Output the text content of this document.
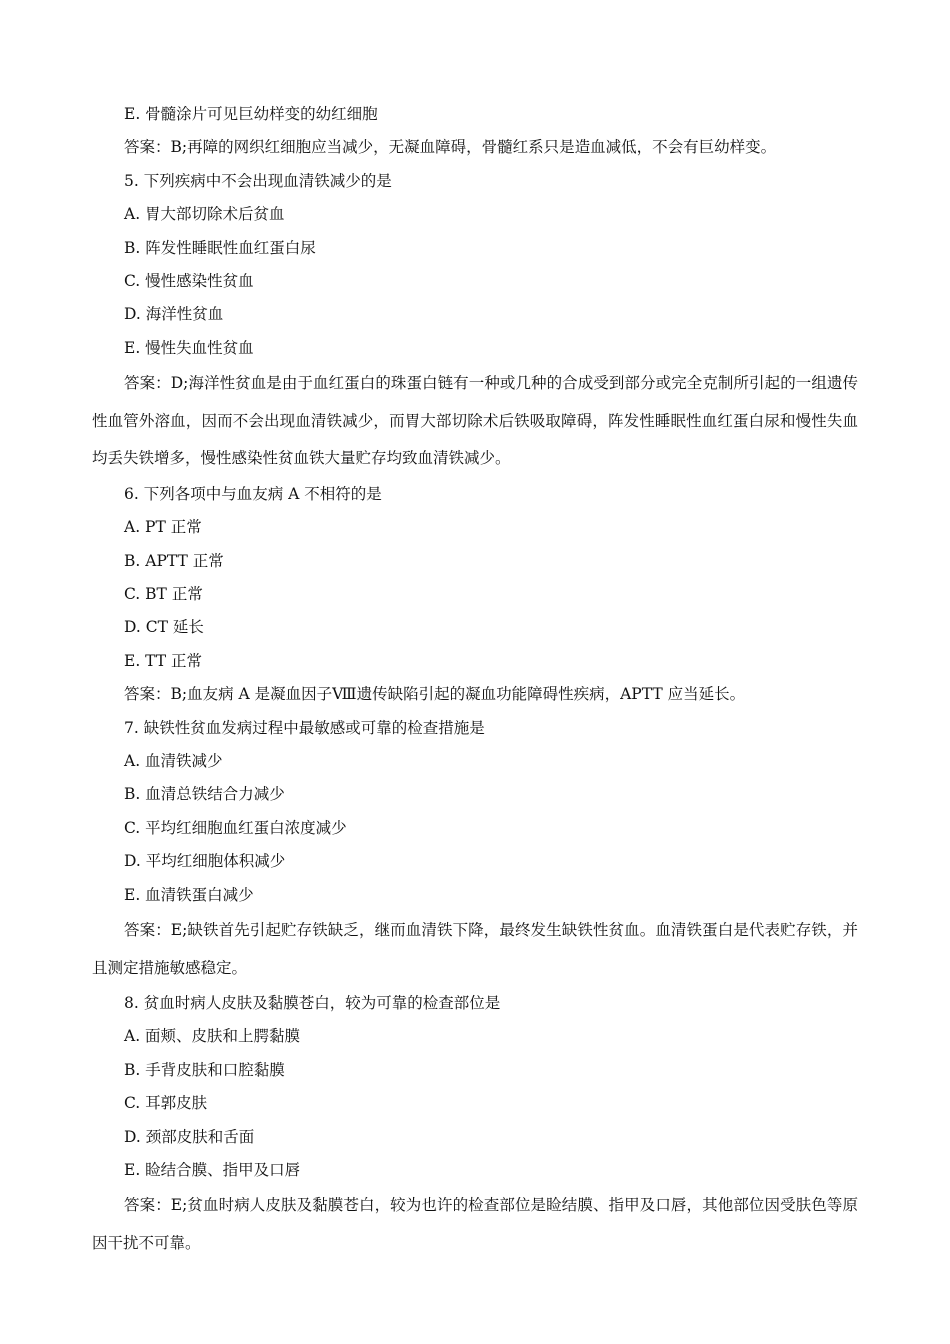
E. 骨髓涂片可见巨幼样变的幼红细胞

答案：B;再障的网织红细胞应当减少，无凝血障碍，骨髓红系只是造血减低，不会有巨幼样变。

5. 下列疾病中不会出现血清铁减少的是

A. 胃大部切除术后贫血

B. 阵发性睡眠性血红蛋白尿

C. 慢性感染性贫血

D. 海洋性贫血

E. 慢性失血性贫血

答案：D;海洋性贫血是由于血红蛋白的珠蛋白链有一种或几种的合成受到部分或完全克制所引起的一组遗传性血管外溶血，因而不会出现血清铁减少，而胃大部切除术后铁吸取障碍，阵发性睡眠性血红蛋白尿和慢性失血均丢失铁增多，慢性感染性贫血铁大量贮存均致血清铁减少。

6. 下列各项中与血友病 A 不相符的是

A. PT 正常

B. APTT 正常

C. BT 正常

D. CT 延长

E. TT 正常

答案：B;血友病 A 是凝血因子Ⅷ遗传缺陷引起的凝血功能障碍性疾病，APTT 应当延长。

7. 缺铁性贫血发病过程中最敏感或可靠的检查措施是

A. 血清铁减少

B. 血清总铁结合力减少

C. 平均红细胞血红蛋白浓度减少

D. 平均红细胞体积减少

E. 血清铁蛋白减少

答案：E;缺铁首先引起贮存铁缺乏，继而血清铁下降，最终发生缺铁性贫血。血清铁蛋白是代表贮存铁，并且测定措施敏感稳定。

8. 贫血时病人皮肤及黏膜苍白，较为可靠的检查部位是

A. 面颊、皮肤和上腭黏膜

B. 手背皮肤和口腔黏膜

C. 耳郭皮肤

D. 颈部皮肤和舌面

E. 睑结合膜、指甲及口唇

答案：E;贫血时病人皮肤及黏膜苍白，较为也许的检查部位是睑结膜、指甲及口唇，其他部位因受肤色等原因干扰不可靠。
